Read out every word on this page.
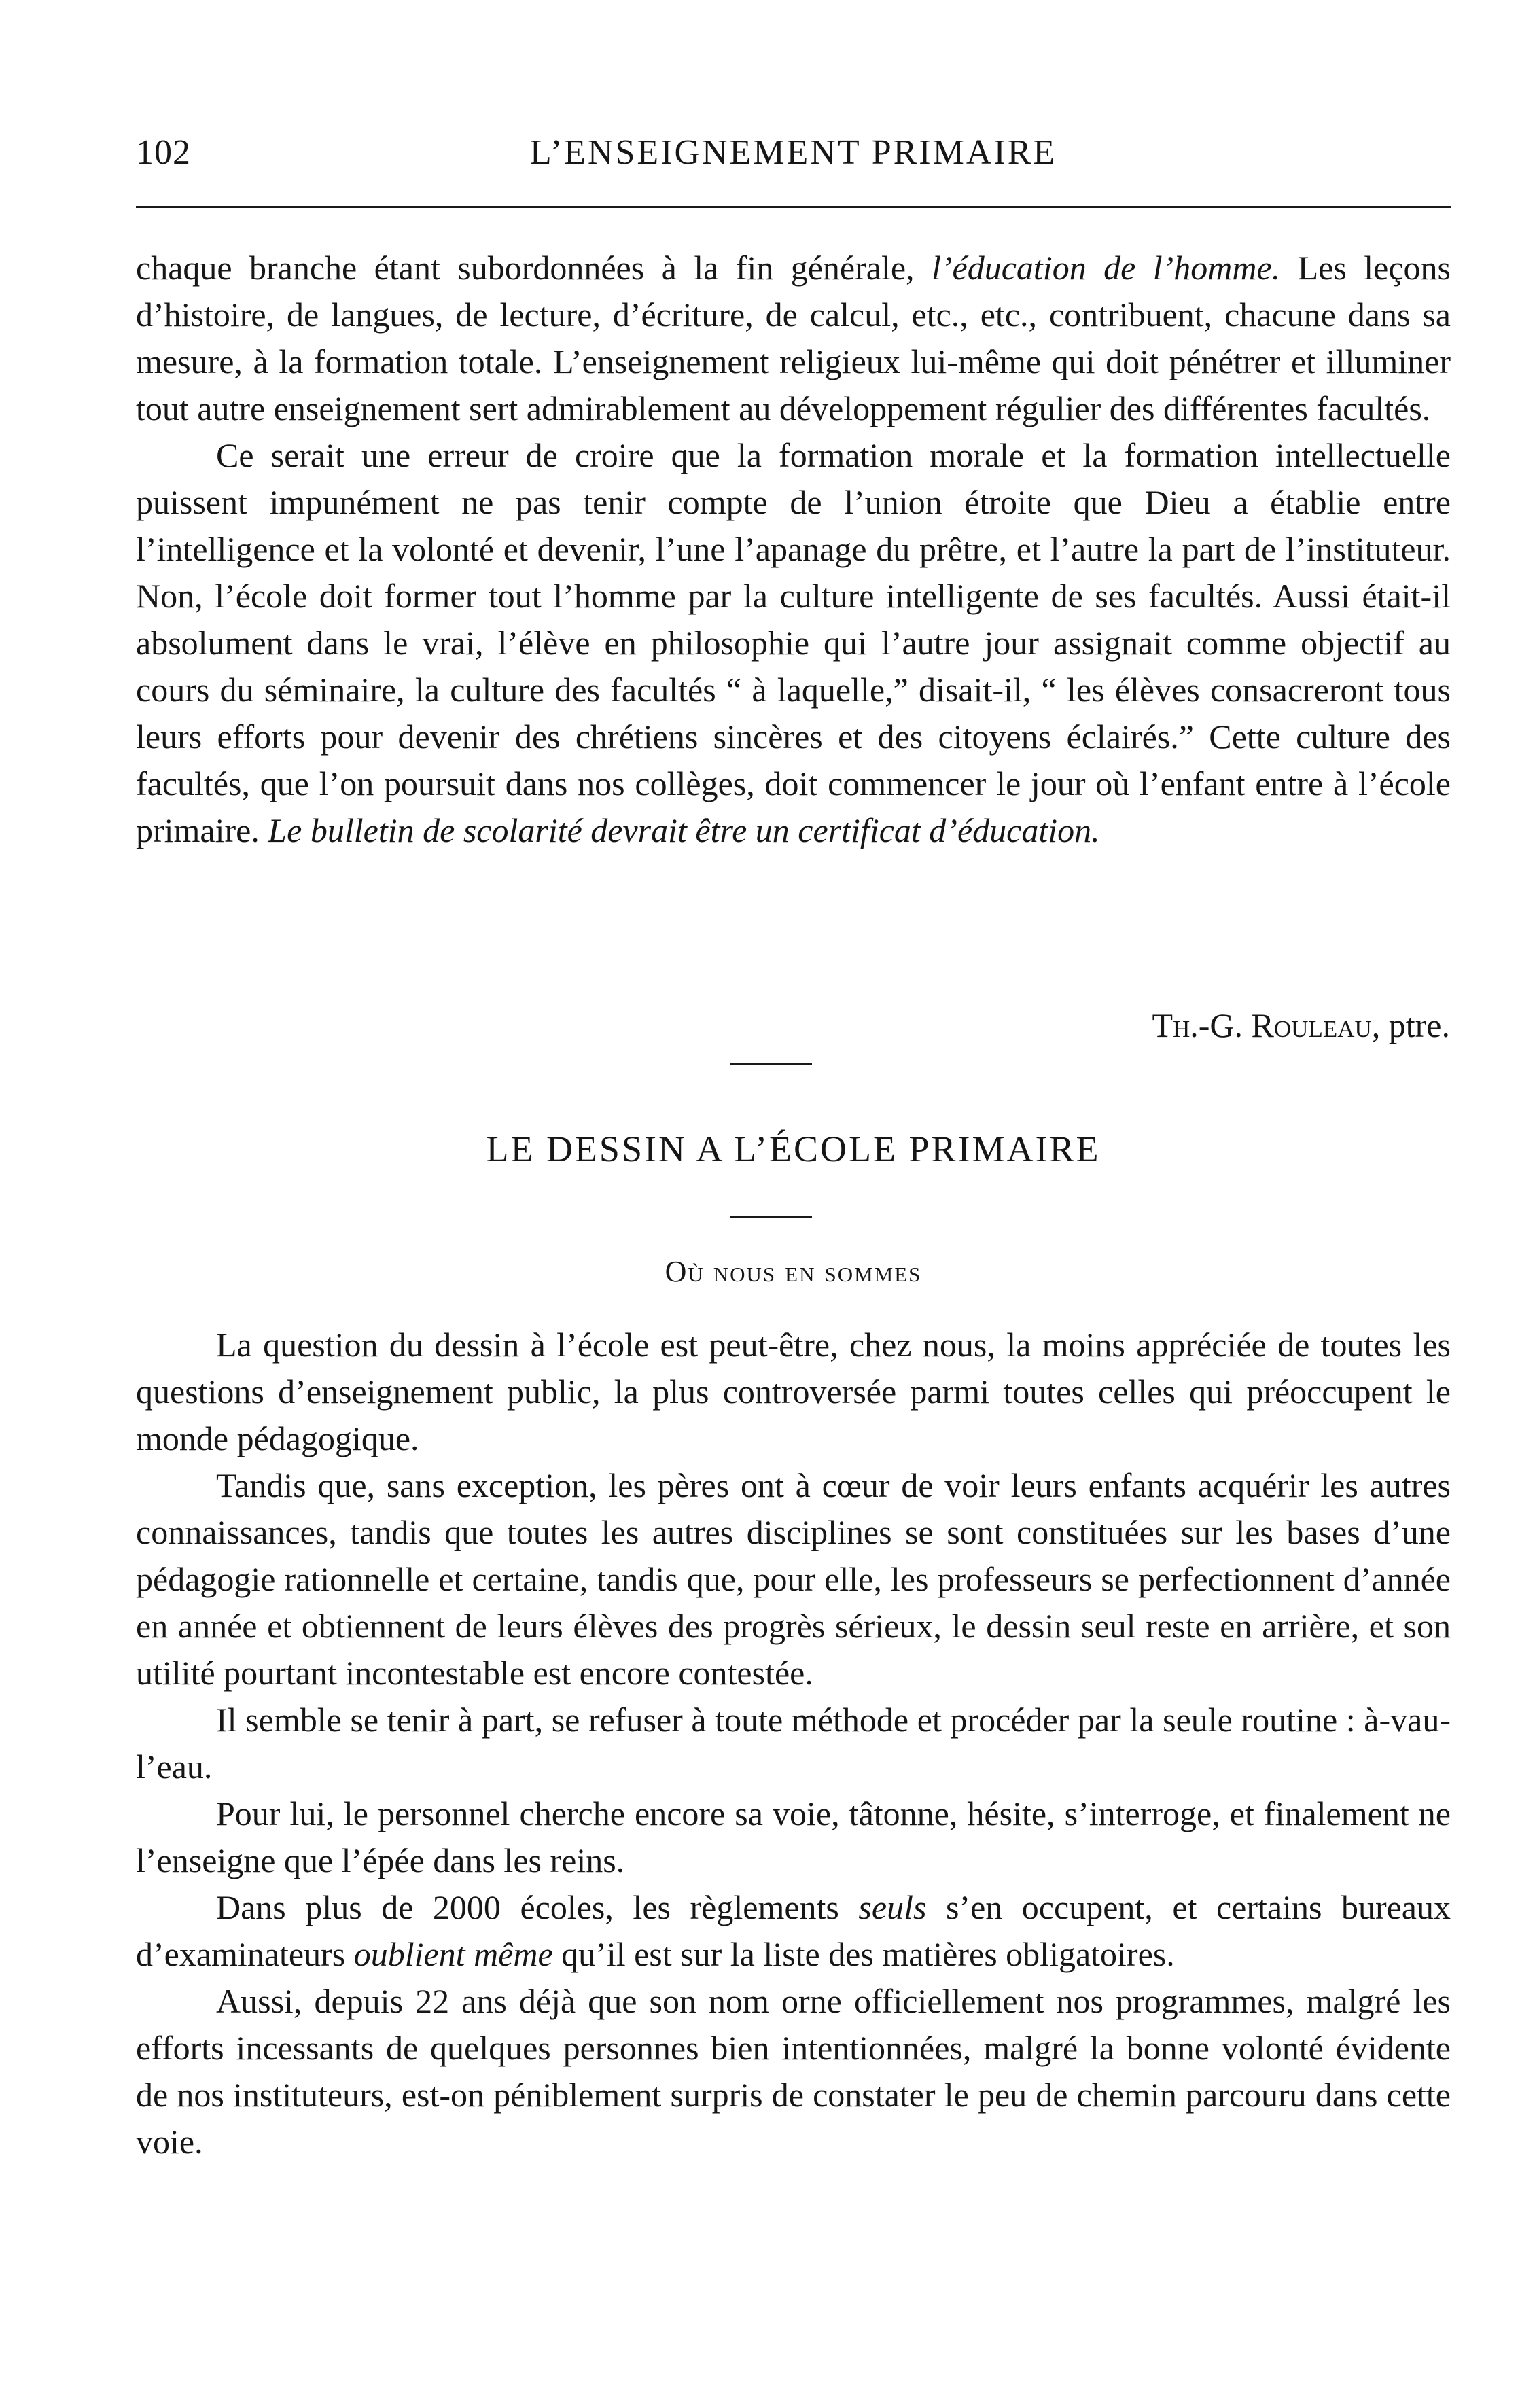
102	L’ENSEIGNEMENT PRIMAIRE

chaque branche étant subordonnées à la fin générale, l’éducation de l’homme. Les leçons d’histoire, de langues, de lecture, d’écriture, de calcul, etc., etc., contribuent, chacune dans sa mesure, à la formation totale. L’enseignement religieux lui-même qui doit pénétrer et illuminer tout autre enseignement sert admirablement au développement régulier des différentes facultés.

Ce serait une erreur de croire que la formation morale et la formation intellectuelle puissent impunément ne pas tenir compte de l’union étroite que Dieu a établie entre l’intelligence et la volonté et devenir, l’une l’apanage du prêtre, et l’autre la part de l’instituteur. Non, l’école doit former tout l’homme par la culture intelligente de ses facultés. Aussi était-il absolument dans le vrai, l’élève en philosophie qui l’autre jour assignait comme objectif au cours du séminaire, la culture des facultés “ à laquelle,” disait-il, “ les élèves consacreront tous leurs efforts pour devenir des chrétiens sincères et des citoyens éclairés.” Cette culture des facultés, que l’on poursuit dans nos collèges, doit commencer le jour où l’enfant entre à l’école primaire. Le bulletin de scolarité devrait être un certificat d’éducation.

Th.-G. Rouleau, ptre.
LE DESSIN A L’ÉCOLE PRIMAIRE
Où nous en sommes

La question du dessin à l’école est peut-être, chez nous, la moins appréciée de toutes les questions d’enseignement public, la plus controversée parmi toutes celles qui préoccupent le monde pédagogique.

Tandis que, sans exception, les pères ont à cœur de voir leurs enfants acquérir les autres connaissances, tandis que toutes les autres disciplines se sont constituées sur les bases d’une pédagogie rationnelle et certaine, tandis que, pour elle, les professeurs se perfectionnent d’année en année et obtiennent de leurs élèves des progrès sérieux, le dessin seul reste en arrière, et son utilité pourtant incontestable est encore contestée.

Il semble se tenir à part, se refuser à toute méthode et procéder par la seule routine : à-vau-l’eau.

Pour lui, le personnel cherche encore sa voie, tâtonne, hésite, s’interroge, et finalement ne l’enseigne que l’épée dans les reins.

Dans plus de 2000 écoles, les règlements seuls s’en occupent, et certains bureaux d’examinateurs oublient même qu’il est sur la liste des matières obligatoires.

Aussi, depuis 22 ans déjà que son nom orne officiellement nos programmes, malgré les efforts incessants de quelques personnes bien intentionnées, malgré la bonne volonté évidente de nos instituteurs, est-on péniblement surpris de constater le peu de chemin parcouru dans cette voie.
